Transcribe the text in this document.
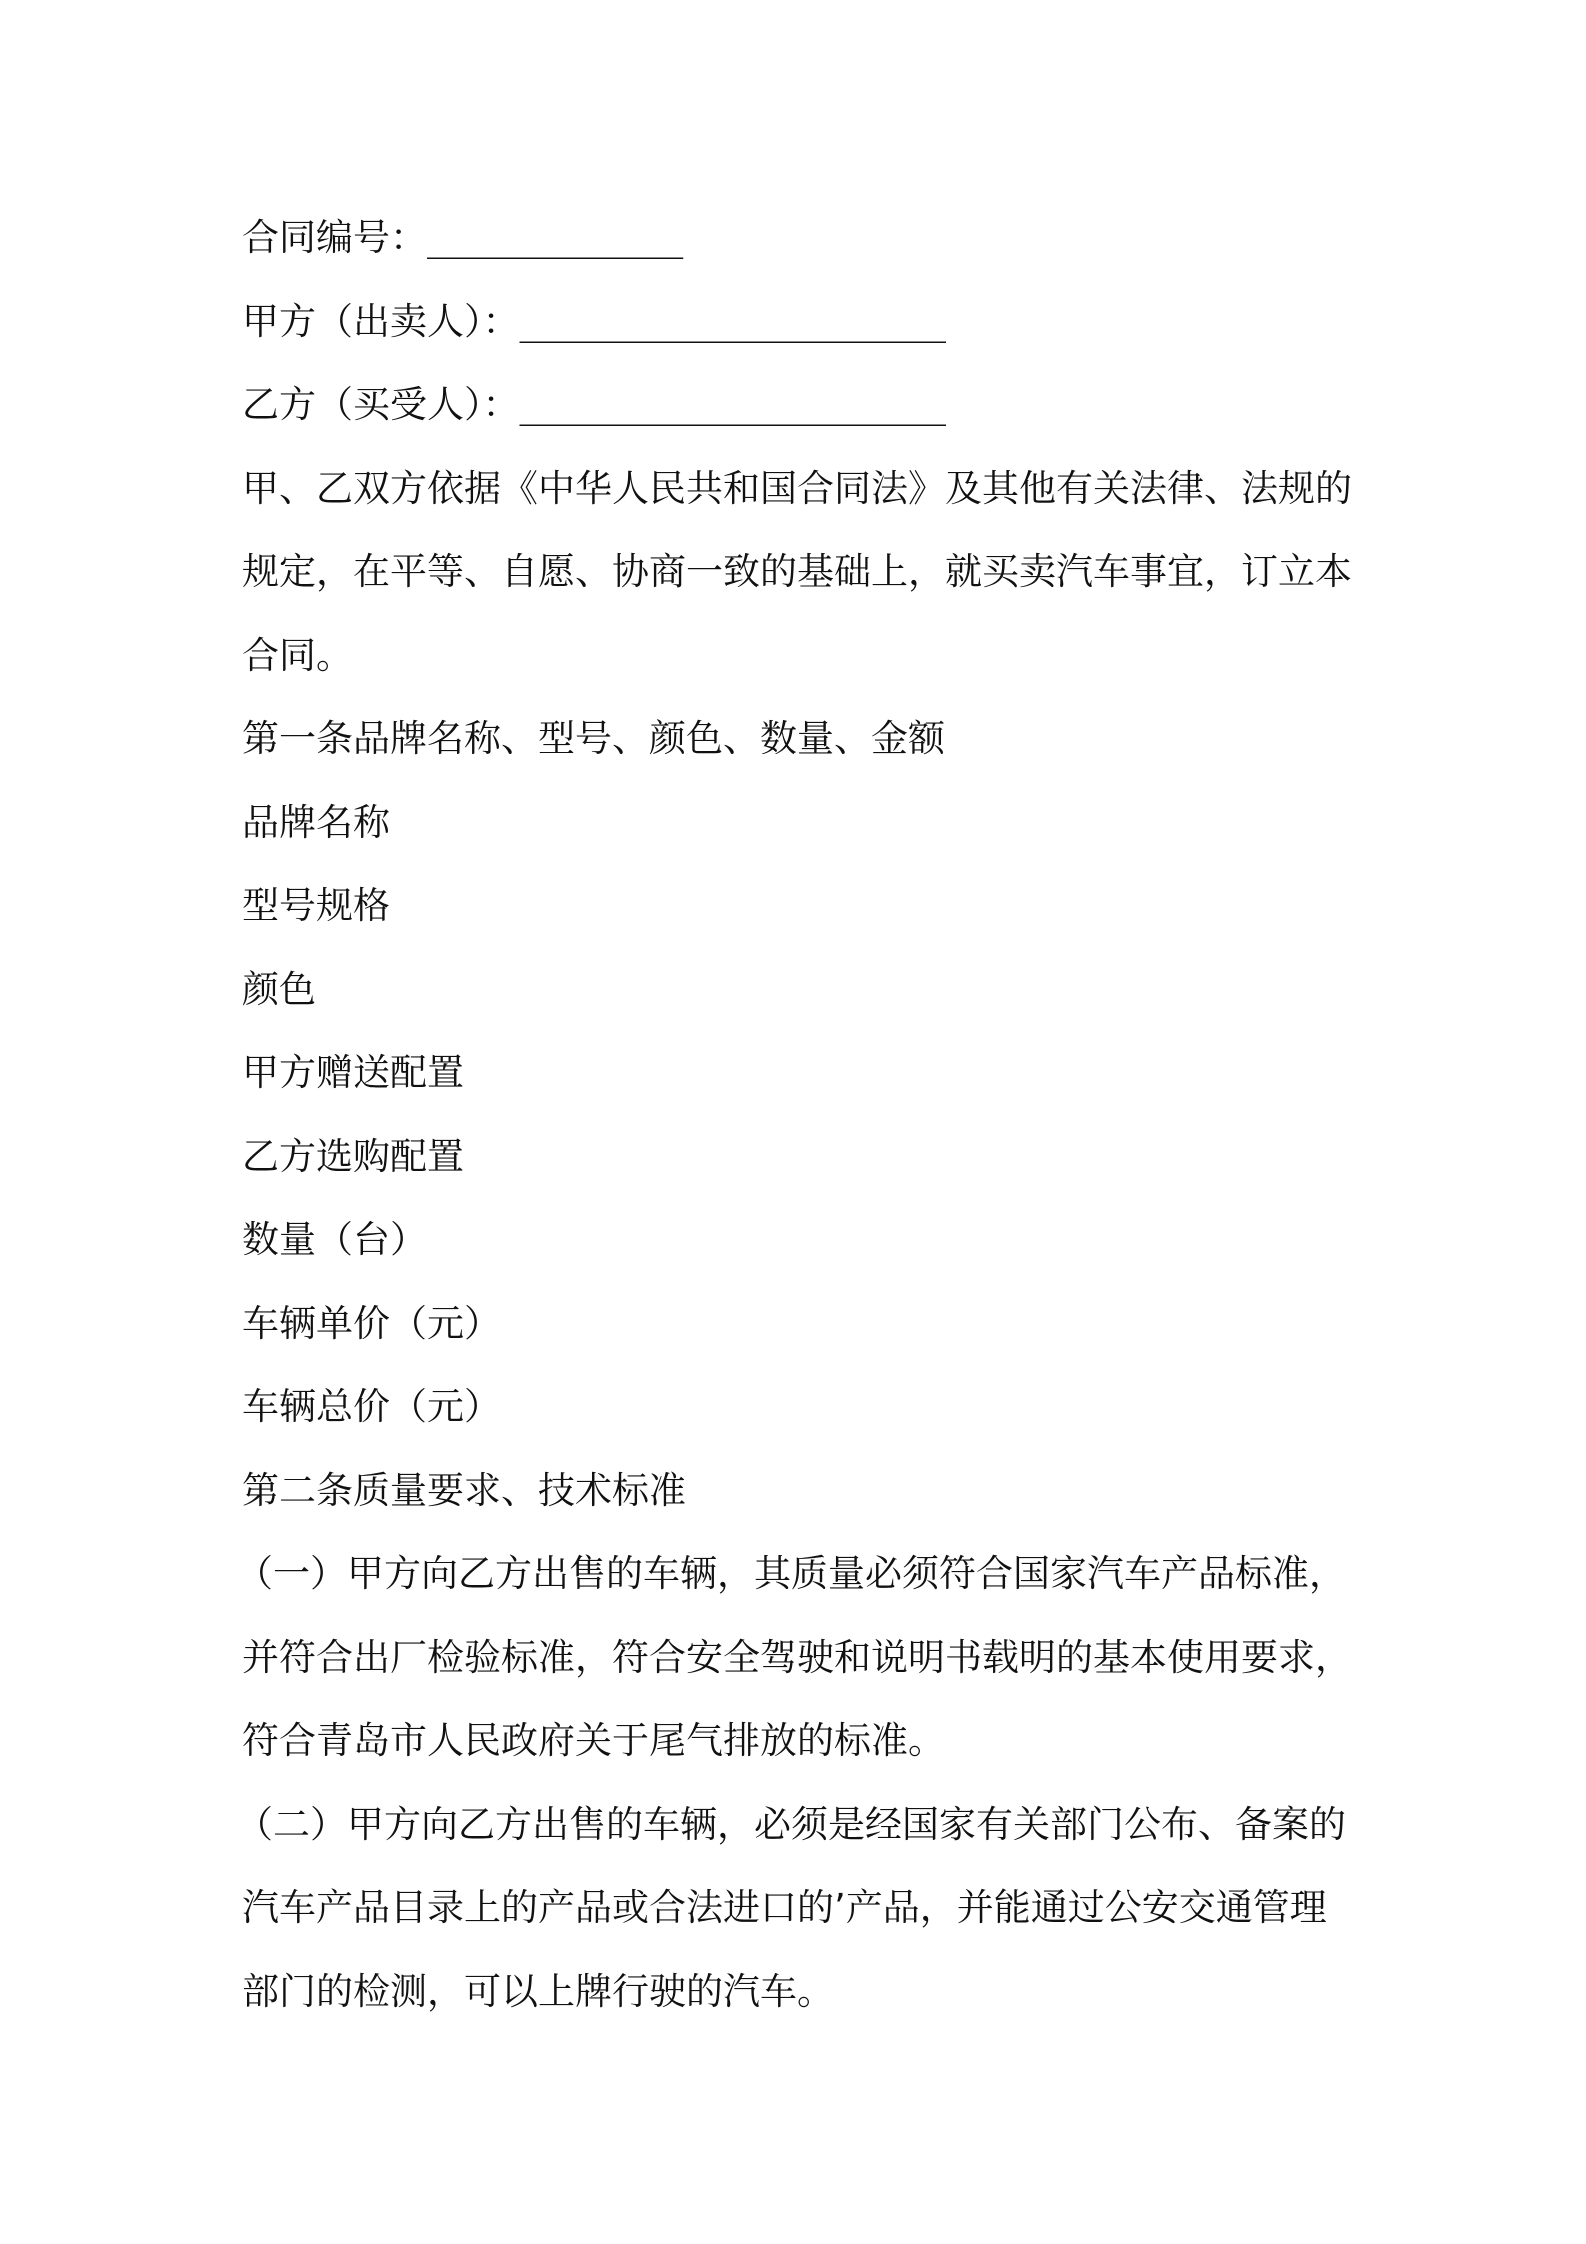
合同编号：____________
甲方（出卖人）：____________________
乙方（买受人）：____________________
甲、乙双方依据《中华人民共和国合同法》及其他有关法律、法规的
规定，在平等、自愿、协商一致的基础上，就买卖汽车事宜，订立本
合同。
第一条品牌名称、型号、颜色、数量、金额
品牌名称
型号规格
颜色
甲方赠送配置
乙方选购配置
数量（台）
车辆单价（元）
车辆总价（元）
第二条质量要求、技术标准
（一）甲方向乙方出售的车辆，其质量必须符合国家汽车产品标准，
并符合出厂检验标准，符合安全驾驶和说明书载明的基本使用要求，
符合青岛市人民政府关于尾气排放的标准。
（二）甲方向乙方出售的车辆，必须是经国家有关部门公布、备案的
汽车产品目录上的产品或合法进口的’产品，并能通过公安交通管理
部门的检测，可以上牌行驶的汽车。
